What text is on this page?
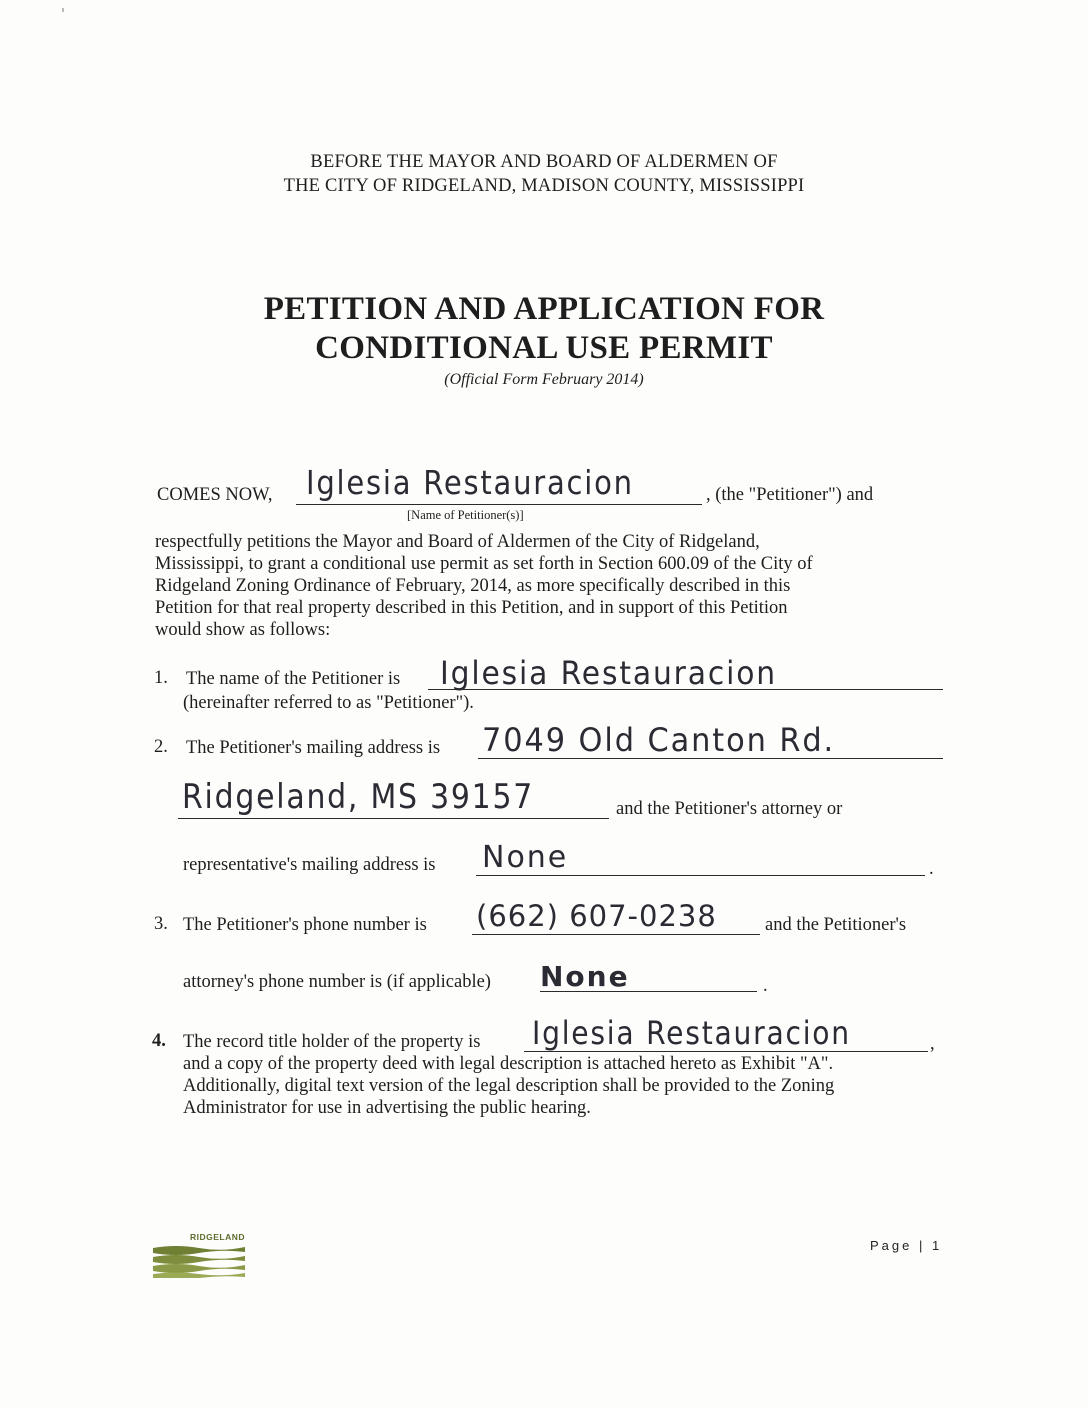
BEFORE THE MAYOR AND BOARD OF ALDERMEN OF
THE CITY OF RIDGELAND, MADISON COUNTY, MISSISSIPPI
PETITION AND APPLICATION FOR
CONDITIONAL USE PERMIT
(Official Form February 2014)
COMES NOW, Iglesia Restauracion	, (the "Petitioner") and
[Name of Petitioner(s)]
respectfully petitions the Mayor and Board of Aldermen of the City of Ridgeland,
Mississippi, to grant a conditional use permit as set forth in Section 600.09 of the City of
Ridgeland Zoning Ordinance of February, 2014, as more specifically described in this
Petition for that real property described in this Petition, and in support of this Petition
would show as follows:
1. The name of the Petitioner is Iglesia Restauracion
(hereinafter referred to as "Petitioner").
2. The Petitioner's mailing address is 7049 Old Canton Rd.
Ridgeland, MS 39157	and the Petitioner's attorney or
representative's mailing address is None	.
3. The Petitioner's phone number is (662) 607-0238	and the Petitioner's
attorney's phone number is (if applicable) None	.
4. The record title holder of the property is Iglesia Restauracion	,
and a copy of the property deed with legal description is attached hereto as Exhibit "A".
Additionally, digital text version of the legal description shall be provided to the Zoning
Administrator for use in advertising the public hearing.
RIDGELAND
Page | 1
